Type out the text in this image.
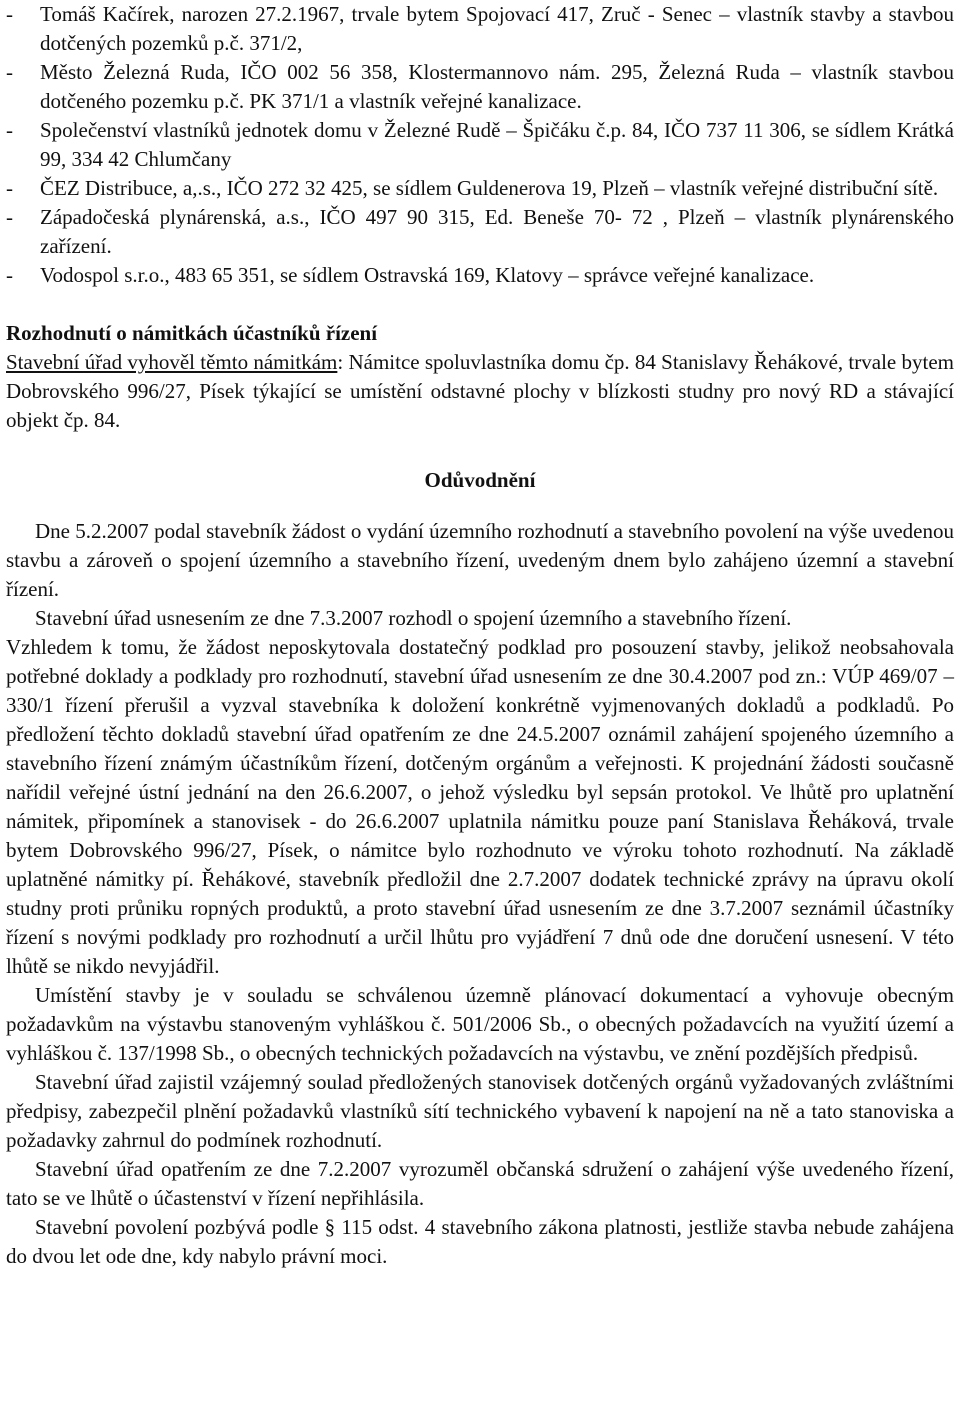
- Tomáš Kačírek, narozen 27.2.1967, trvale bytem Spojovací 417, Zruč - Senec – vlastník stavby a stavbou dotčených pozemků p.č. 371/2,
- Město Železná Ruda, IČO 002 56 358, Klostermannovo nám. 295, Železná Ruda – vlastník stavbou dotčeného pozemku p.č. PK 371/1 a vlastník veřejné kanalizace.
- Společenství vlastníků jednotek domu v Železné Rudě – Špičáku č.p. 84, IČO 737 11 306, se sídlem Krátká 99, 334 42 Chlumčany
- ČEZ Distribuce, a,.s., IČO 272 32 425, se sídlem Guldenerova 19, Plzeň – vlastník veřejné distribuční sítě.
- Západočeská plynárenská, a.s., IČO 497 90 315, Ed. Beneše 70- 72 , Plzeň – vlastník plynárenského zařízení.
- Vodospol s.r.o., 483 65 351, se sídlem Ostravská 169, Klatovy – správce veřejné kanalizace.
Rozhodnutí o námitkách účastníků řízení

Stavební úřad vyhověl těmto námitkám: Námitce spoluvlastníka domu čp. 84 Stanislavy Řehákové, trvale bytem Dobrovského 996/27, Písek týkající se umístění odstavné plochy v blízkosti studny pro nový RD a stávající objekt čp. 84.

Odůvodnění

Dne 5.2.2007 podal stavebník žádost o vydání územního rozhodnutí a stavebního povolení na výše uvedenou stavbu a zároveň o spojení územního a stavebního řízení, uvedeným dnem bylo zahájeno územní a stavební řízení.

Stavební úřad usnesením ze dne 7.3.2007 rozhodl o spojení územního a stavebního řízení.

Vzhledem k tomu, že žádost neposkytovala dostatečný podklad pro posouzení stavby, jelikož neobsahovala potřebné doklady a podklady pro rozhodnutí, stavební úřad usnesením ze dne 30.4.2007 pod zn.: VÚP 469/07 – 330/1 řízení přerušil a vyzval stavebníka k doložení konkrétně vyjmenovaných dokladů a podkladů. Po předložení těchto dokladů stavební úřad opatřením ze dne 24.5.2007 oznámil zahájení spojeného územního a stavebního řízení známým účastníkům řízení, dotčeným orgánům a veřejnosti. K projednání žádosti současně nařídil veřejné ústní jednání na den 26.6.2007, o jehož výsledku byl sepsán protokol. Ve lhůtě pro uplatnění námitek, připomínek a stanovisek - do 26.6.2007 uplatnila námitku pouze paní Stanislava Řeháková, trvale bytem Dobrovského 996/27, Písek, o námitce bylo rozhodnuto ve výroku tohoto rozhodnutí. Na základě uplatněné námitky pí. Řehákové, stavebník předložil dne 2.7.2007 dodatek technické zprávy na úpravu okolí studny proti průniku ropných produktů, a proto stavební úřad usnesením ze dne 3.7.2007 seznámil účastníky řízení s novými podklady pro rozhodnutí a určil lhůtu pro vyjádření 7 dnů ode dne doručení usnesení. V této lhůtě se nikdo nevyjádřil.

Umístění stavby je v souladu se schválenou územně plánovací dokumentací a vyhovuje obecným požadavkům na výstavbu stanoveným vyhláškou č. 501/2006 Sb., o obecných požadavcích na využití území a vyhláškou č. 137/1998 Sb., o obecných technických požadavcích na výstavbu, ve znění pozdějších předpisů.

Stavební úřad zajistil vzájemný soulad předložených stanovisek dotčených orgánů vyžadovaných zvláštními předpisy, zabezpečil plnění požadavků vlastníků sítí technického vybavení k napojení na ně a tato stanoviska a požadavky zahrnul do podmínek rozhodnutí.

Stavební úřad opatřením ze dne 7.2.2007 vyrozuměl občanská sdružení o zahájení výše uvedeného řízení, tato se ve lhůtě o účastenství v řízení nepřihlásila.

Stavební povolení pozbývá podle § 115 odst. 4 stavebního zákona platnosti, jestliže stavba nebude zahájena do dvou let ode dne, kdy nabylo právní moci.
